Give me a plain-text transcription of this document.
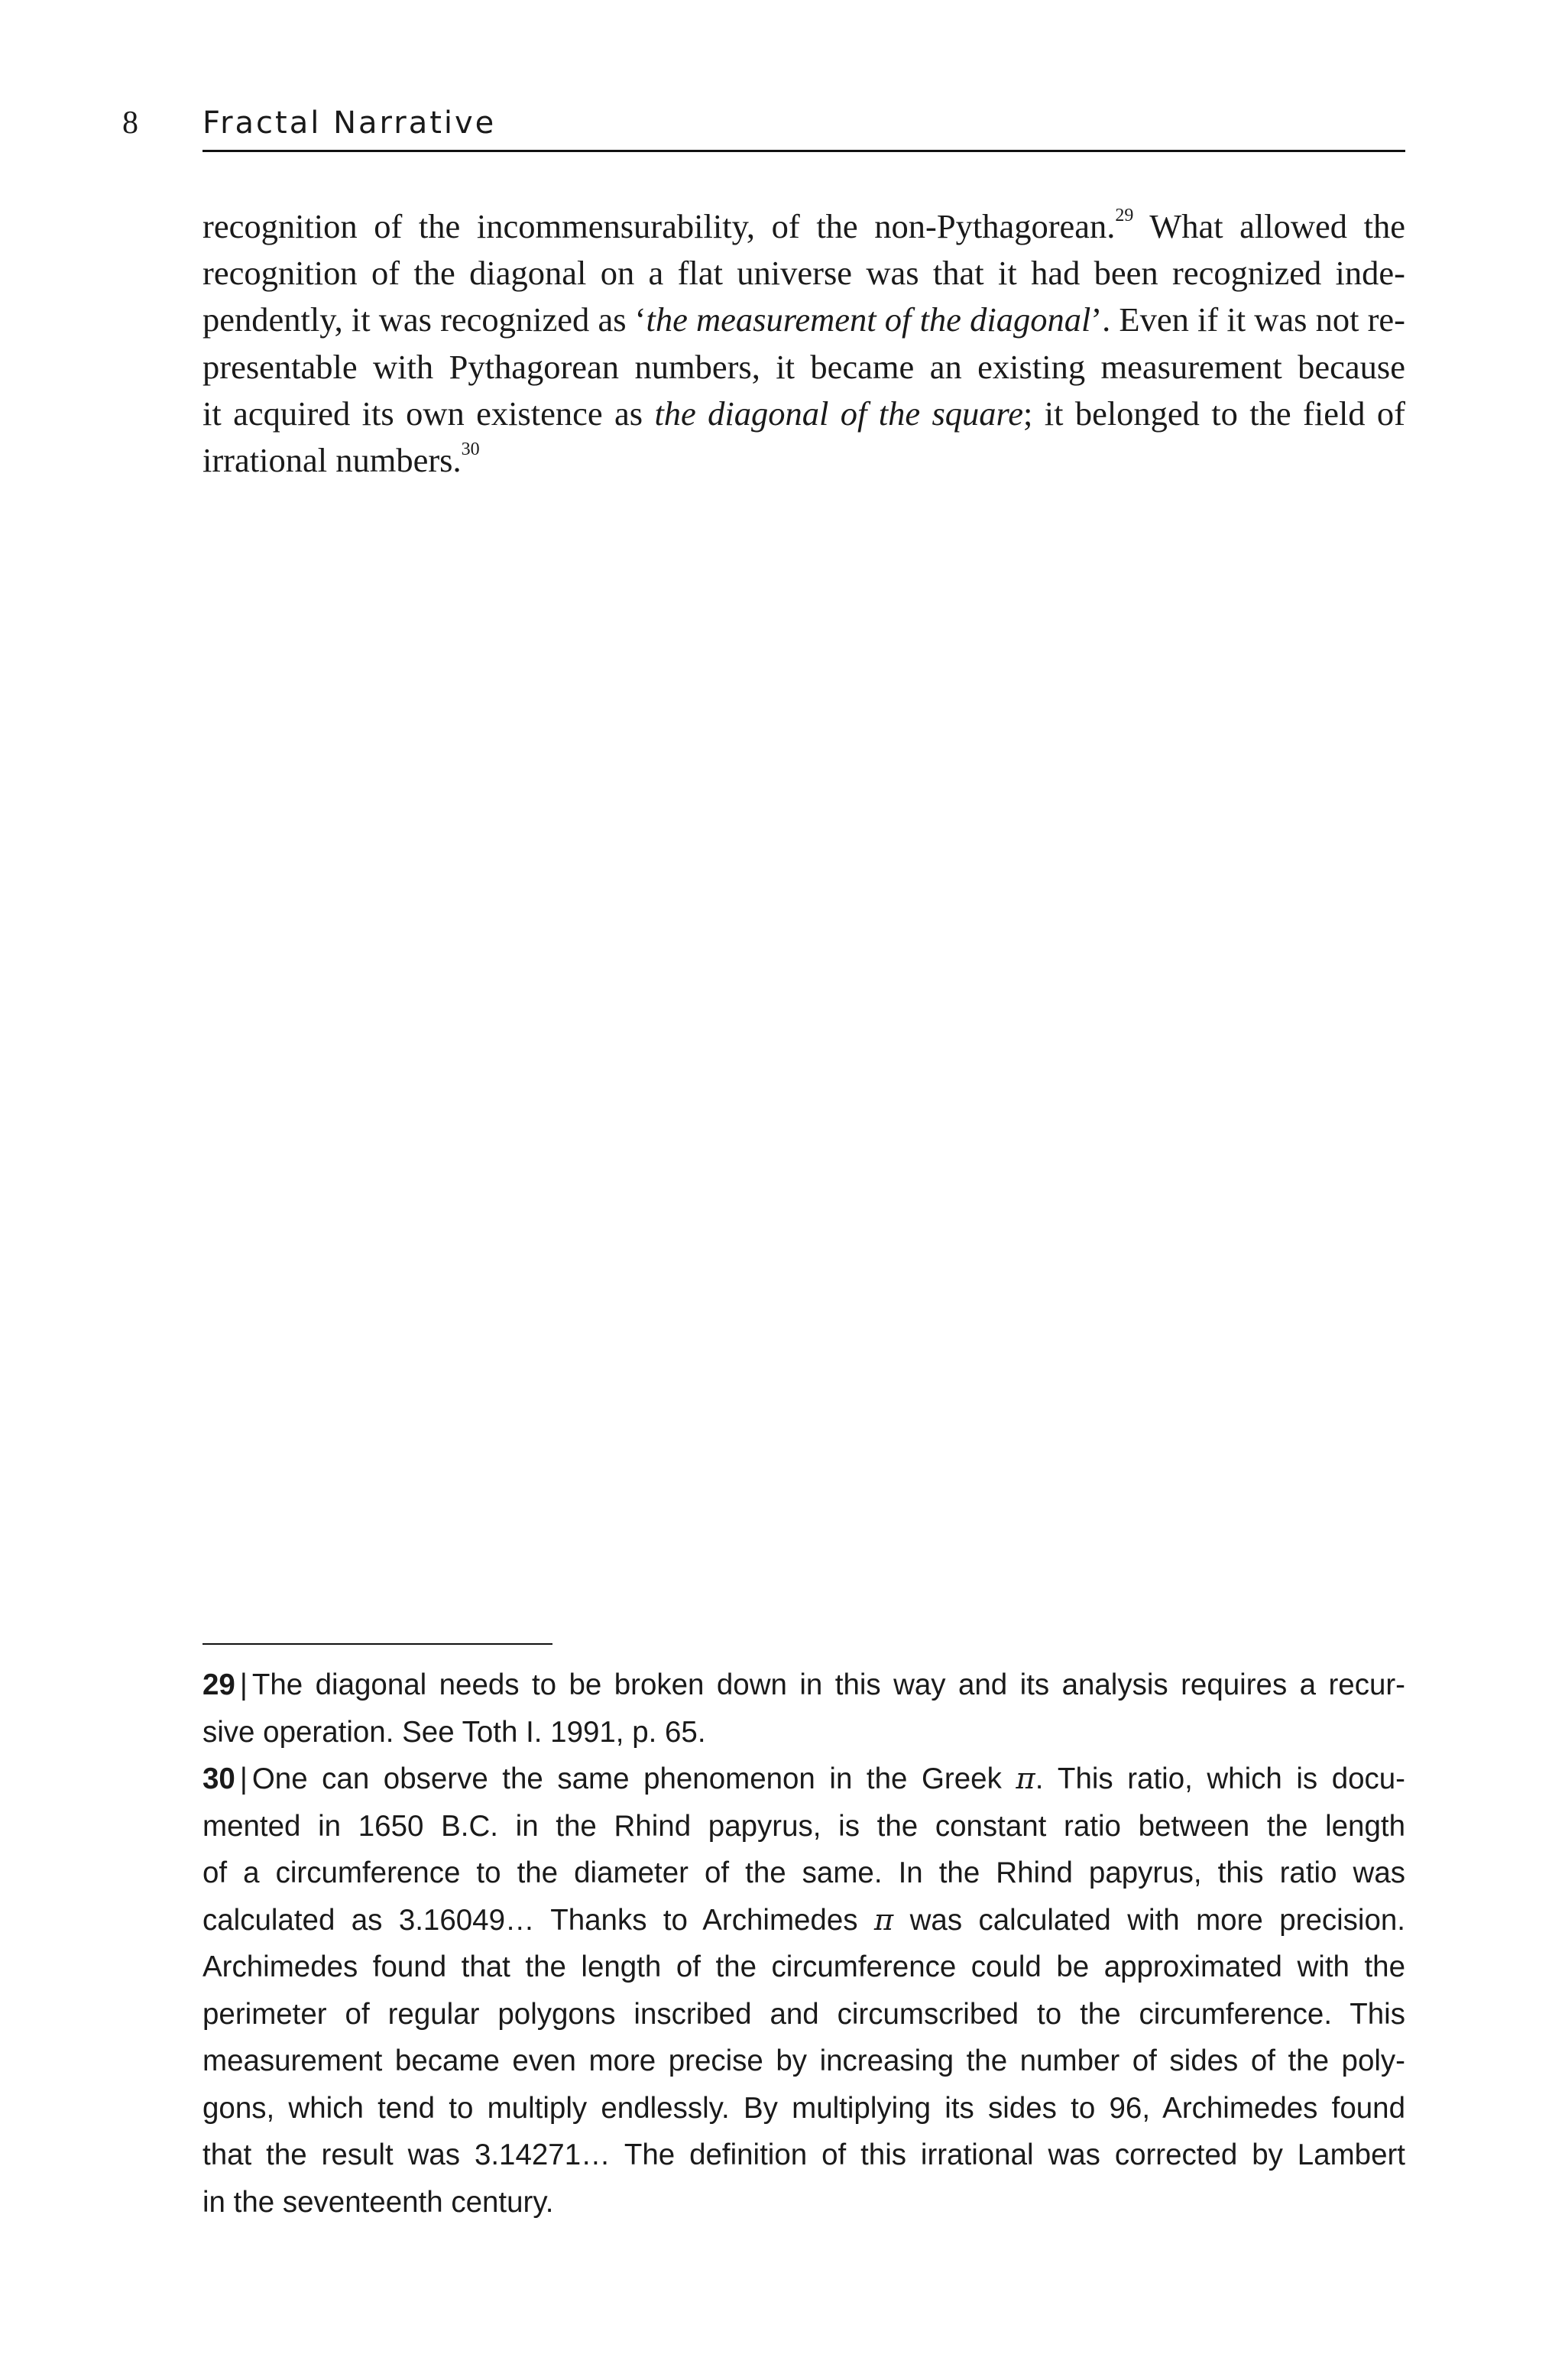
8 Fractal Narrative
recognition of the incommensurability, of the non-Pythagorean.$^{29}$ What allowed the
recognition of the diagonal on a flat universe was that it had been recognized inde-
pendently, it was recognized as ‘the measurement of the diagonal’. Even if it was not re-
presentable with Pythagorean numbers, it became an existing measurement because
it acquired its own existence as the diagonal of the square; it belonged to the field of
irrational numbers.$^{30}$
29 | The diagonal needs to be broken down in this way and its analysis requires a recur-
sive operation. See Toth I. 1991, p. 65.
30 | One can observe the same phenomenon in the Greek π. This ratio, which is docu-
mented in 1650 B.C. in the Rhind papyrus, is the constant ratio between the length
of a circumference to the diameter of the same. In the Rhind papyrus, this ratio was
calculated as 3.16049… Thanks to Archimedes π was calculated with more precision.
Archimedes found that the length of the circumference could be approximated with the
perimeter of regular polygons inscribed and circumscribed to the circumference. This
measurement became even more precise by increasing the number of sides of the poly-
gons, which tend to multiply endlessly. By multiplying its sides to 96, Archimedes found
that the result was 3.14271… The definition of this irrational was corrected by Lambert
in the seventeenth century.
